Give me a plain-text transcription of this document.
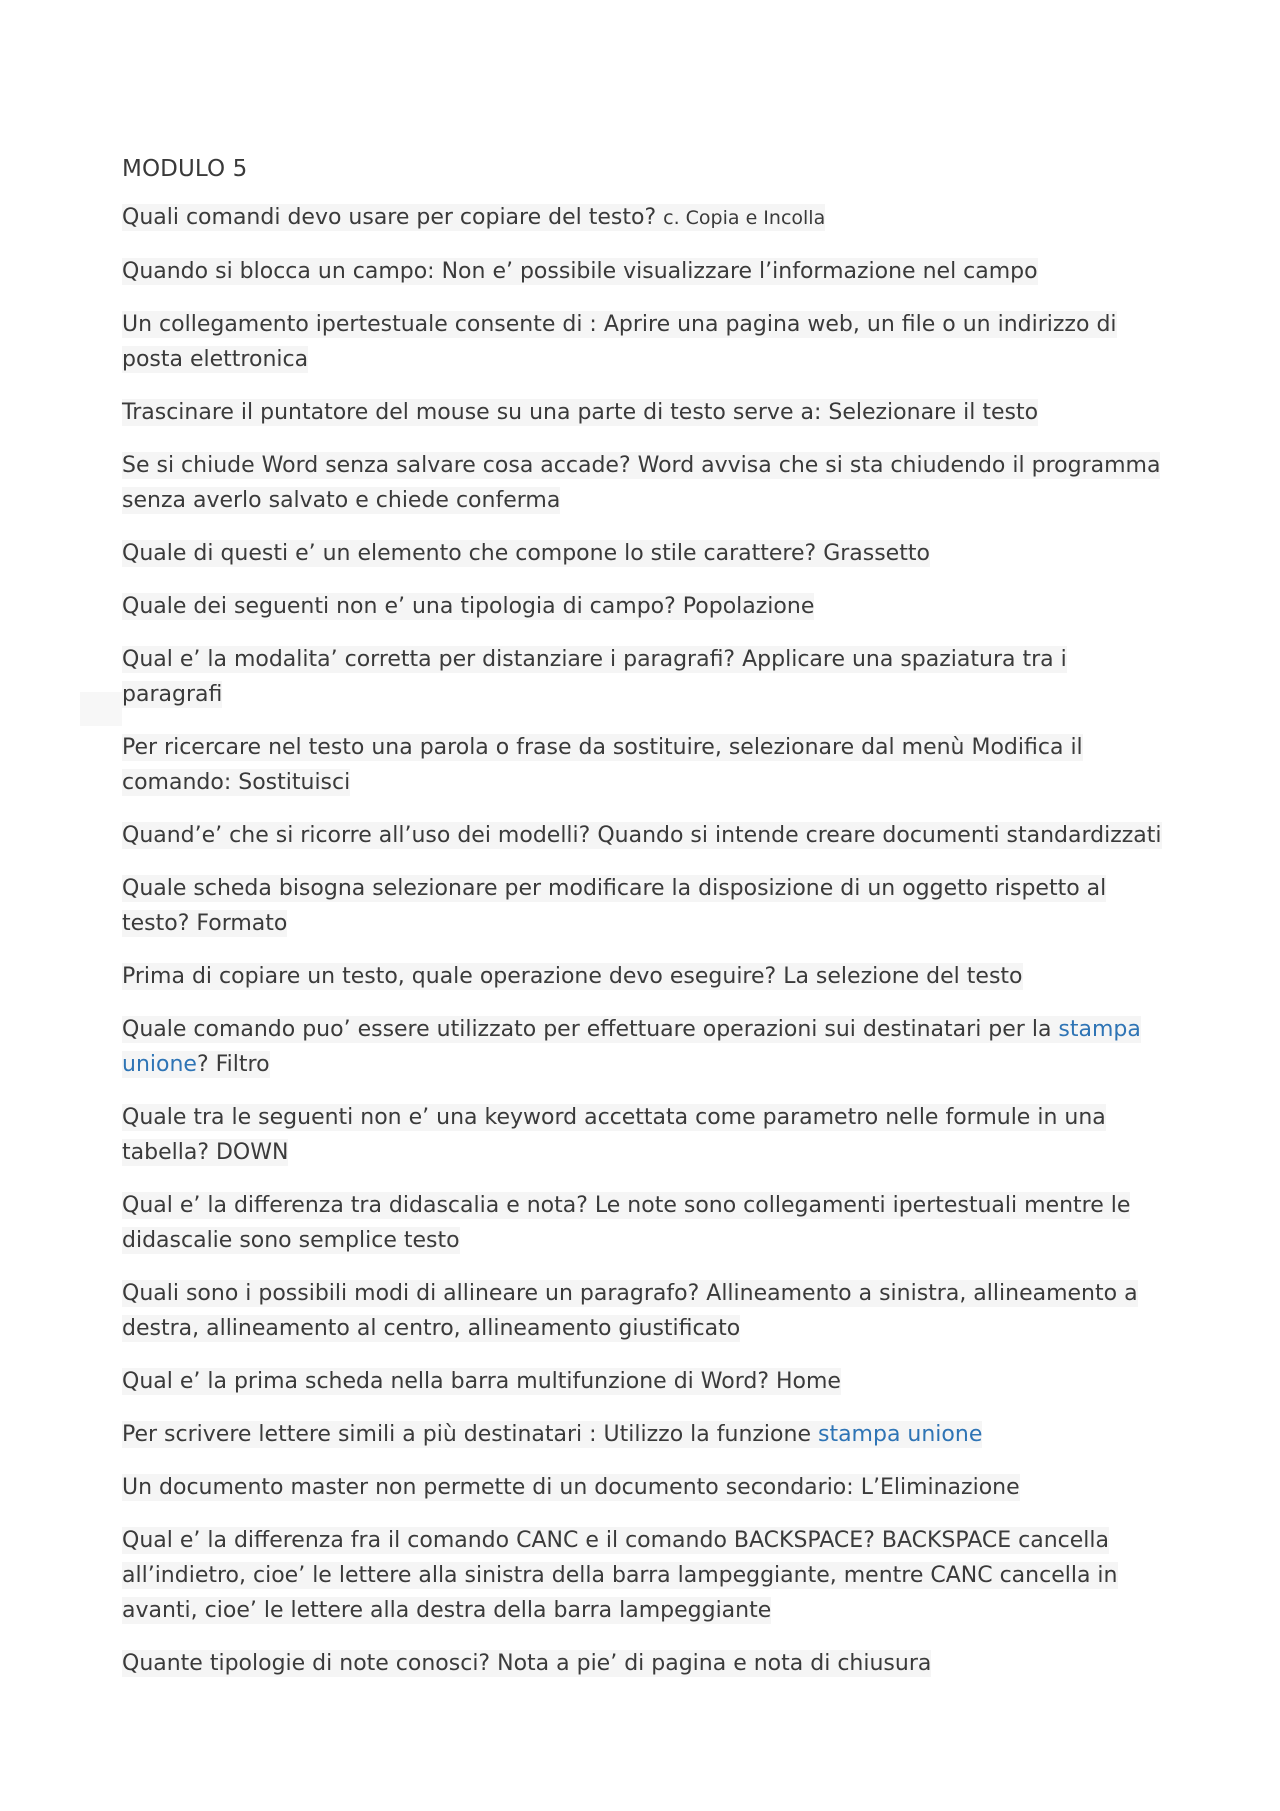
MODULO 5
Quali comandi devo usare per copiare del testo? c. Copia e Incolla
Quando si blocca un campo: Non e’ possibile visualizzare l’informazione nel campo
Un collegamento ipertestuale consente di : Aprire una pagina web, un file o un indirizzo di posta elettronica
Trascinare il puntatore del mouse su una parte di testo serve a: Selezionare il testo
Se si chiude Word senza salvare cosa accade? Word avvisa che si sta chiudendo il programma senza averlo salvato e chiede conferma
Quale di questi e’ un elemento che compone lo stile carattere? Grassetto
Quale dei seguenti non e’ una tipologia di campo? Popolazione
Qual e’ la modalita’ corretta per distanziare i paragrafi? Applicare una spaziatura tra i paragrafi
Per ricercare nel testo una parola o frase da sostituire, selezionare dal menù Modifica il comando: Sostituisci
Quand’e’ che si ricorre all’uso dei modelli? Quando si intende creare documenti standardizzati
Quale scheda bisogna selezionare per modificare la disposizione di un oggetto rispetto al testo? Formato
Prima di copiare un testo, quale operazione devo eseguire? La selezione del testo
Quale comando puo’ essere utilizzato per effettuare operazioni sui destinatari per la stampa unione? Filtro
Quale tra le seguenti non e’ una keyword accettata come parametro nelle formule in una tabella? DOWN
Qual e’ la differenza tra didascalia e nota? Le note sono collegamenti ipertestuali mentre le didascalie sono semplice testo
Quali sono i possibili modi di allineare un paragrafo? Allineamento a sinistra, allineamento a destra, allineamento al centro, allineamento giustificato
Qual e’ la prima scheda nella barra multifunzione di Word? Home
Per scrivere lettere simili a più destinatari : Utilizzo la funzione stampa unione
Un documento master non permette di un documento secondario: L’Eliminazione
Qual e’ la differenza fra il comando CANC e il comando BACKSPACE? BACKSPACE cancella all’indietro, cioe’ le lettere alla sinistra della barra lampeggiante, mentre CANC cancella in avanti, cioe’ le lettere alla destra della barra lampeggiante
Quante tipologie di note conosci? Nota a pie’ di pagina e nota di chiusura
